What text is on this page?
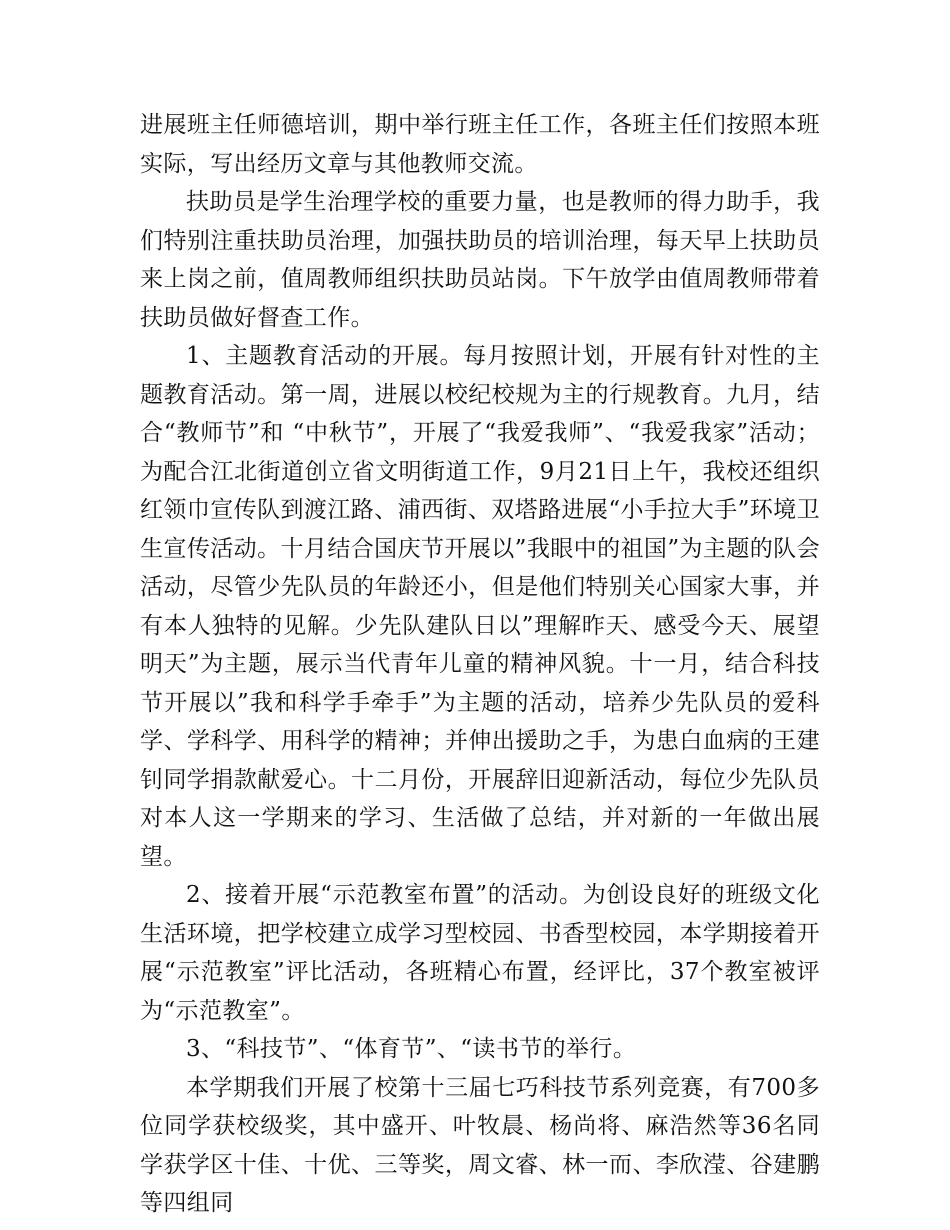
进展班主任师德培训，期中举行班主任工作，各班主任们按照本班实际，写出经历文章与其他教师交流。

扶助员是学生治理学校的重要力量，也是教师的得力助手，我们特别注重扶助员治理，加强扶助员的培训治理，每天早上扶助员来上岗之前，值周教师组织扶助员站岗。下午放学由值周教师带着扶助员做好督查工作。

1、主题教育活动的开展。每月按照计划，开展有针对性的主题教育活动。第一周，进展以校纪校规为主的行规教育。九月，结合“教师节”和 “中秋节”，开展了“我爱我师”、“我爱我家”活动；为配合江北街道创立省文明街道工作，9月21日上午，我校还组织红领巾宣传队到渡江路、浦西街、双塔路进展“小手拉大手”环境卫生宣传活动。十月结合国庆节开展以”我眼中的祖国”为主题的队会活动，尽管少先队员的年龄还小，但是他们特别关心国家大事，并有本人独特的见解。少先队建队日以”理解昨天、感受今天、展望明天”为主题，展示当代青年儿童的精神风貌。十一月，结合科技节开展以”我和科学手牵手”为主题的活动，培养少先队员的爱科学、学科学、用科学的精神；并伸出援助之手，为患白血病的王建钊同学捐款献爱心。十二月份，开展辞旧迎新活动，每位少先队员对本人这一学期来的学习、生活做了总结，并对新的一年做出展望。

2、接着开展“示范教室布置”的活动。为创设良好的班级文化生活环境，把学校建立成学习型校园、书香型校园，本学期接着开展“示范教室”评比活动，各班精心布置，经评比，37个教室被评为“示范教室”。

3、“科技节”、“体育节”、“读书节的举行。

本学期我们开展了校第十三届七巧科技节系列竞赛，有700多位同学获校级奖，其中盛开、叶牧晨、杨尚将、麻浩然等36名同学获学区十佳、十优、三等奖，周文睿、林一而、李欣滢、谷建鹏等四组同
